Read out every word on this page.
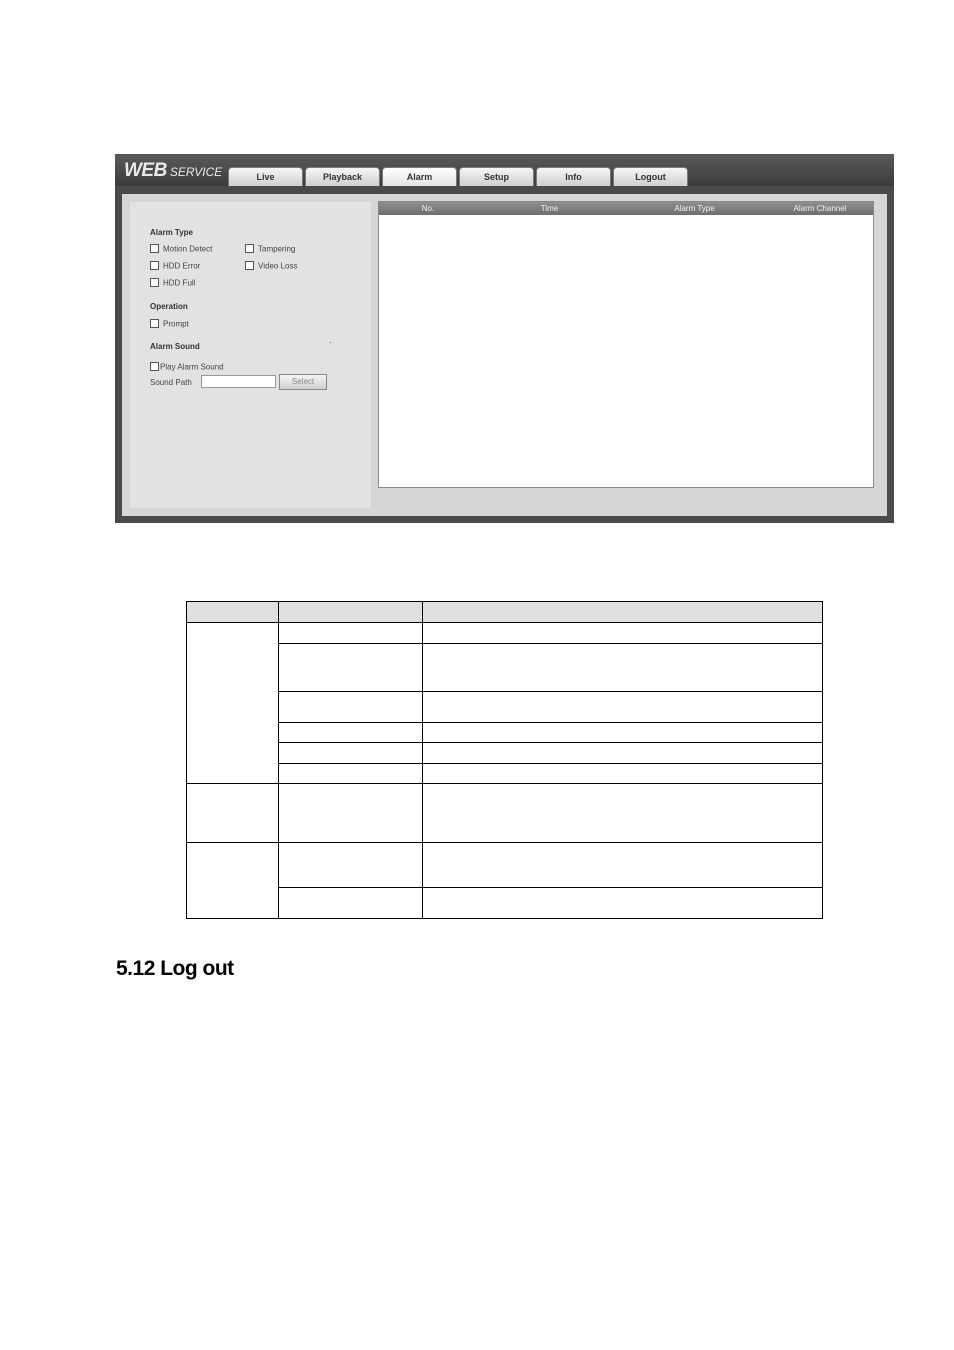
WEB SERVICE	Live	Playback	Alarm	Setup	Info	Logout
Alarm Type
Motion Detect	Tampering
HDD Error	Video Loss
HDD Full
Operation
Prompt
Alarm Sound
Play Alarm Sound
Sound Path	Select
No.	Time	Alarm Type	Alarm Channel
5.12 Log out
